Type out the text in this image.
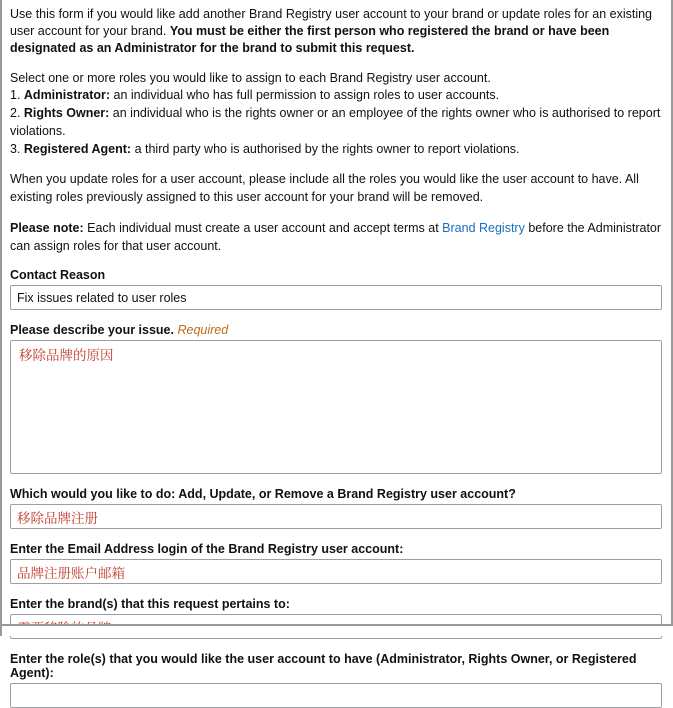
Use this form if you would like add another Brand Registry user account to your brand or update roles for an existing user account for your brand. You must be either the first person who registered the brand or have been designated as an Administrator for the brand to submit this request.

Select one or more roles you would like to assign to each Brand Registry user account.
1. Administrator: an individual who has full permission to assign roles to user accounts.
2. Rights Owner: an individual who is the rights owner or an employee of the rights owner who is authorised to report violations.
3. Registered Agent: a third party who is authorised by the rights owner to report violations.
When you update roles for a user account, please include all the roles you would like the user account to have. All existing roles previously assigned to this user account for your brand will be removed.
Please note: Each individual must create a user account and accept terms at Brand Registry before the Administrator can assign roles for that user account.
Contact Reason
Fix issues related to user roles
Please describe your issue. Required
移除品牌的原因
Which would you like to do: Add, Update, or Remove a Brand Registry user account?
移除品牌注册
Enter the Email Address login of the Brand Registry user account:
品牌注册账户邮箱
Enter the brand(s) that this request pertains to:
需要移除的品牌
Enter the role(s) that you would like the user account to have (Administrator, Rights Owner, or Registered Agent):
